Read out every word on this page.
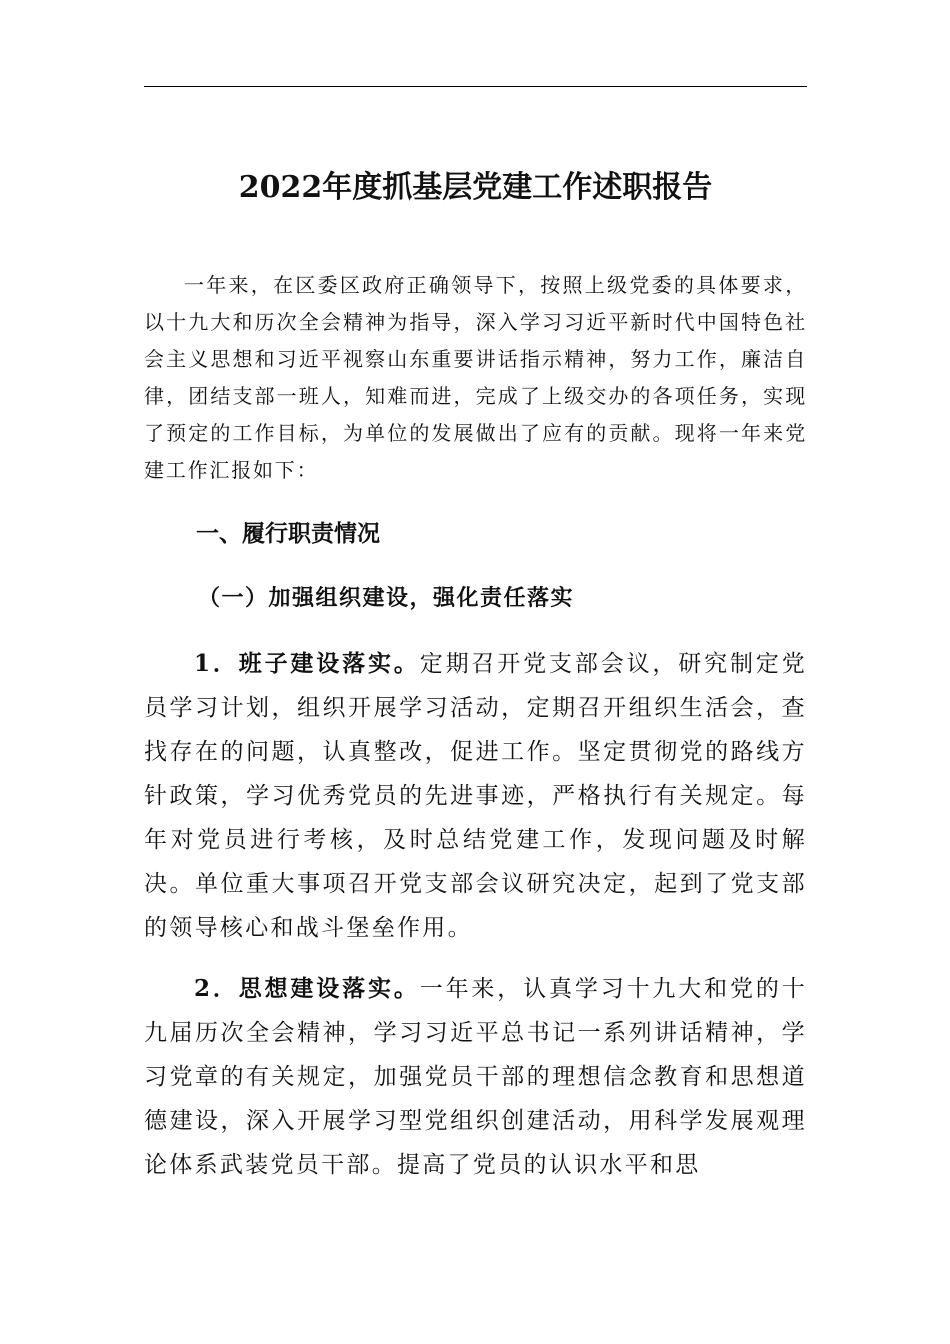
2022年度抓基层党建工作述职报告

一年来，在区委区政府正确领导下，按照上级党委的具体要求，以十九大和历次全会精神为指导，深入学习习近平新时代中国特色社会主义思想和习近平视察山东重要讲话指示精神，努力工作，廉洁自律，团结支部一班人，知难而进，完成了上级交办的各项任务，实现了预定的工作目标，为单位的发展做出了应有的贡献。现将一年来党建工作汇报如下：

一、履行职责情况
（一）加强组织建设，强化责任落实

1．班子建设落实。定期召开党支部会议，研究制定党员学习计划，组织开展学习活动，定期召开组织生活会，查找存在的问题，认真整改，促进工作。坚定贯彻党的路线方针政策，学习优秀党员的先进事迹，严格执行有关规定。每年对党员进行考核，及时总结党建工作，发现问题及时解决。单位重大事项召开党支部会议研究决定，起到了党支部的领导核心和战斗堡垒作用。

2．思想建设落实。一年来，认真学习十九大和党的十九届历次全会精神，学习习近平总书记一系列讲话精神，学习党章的有关规定，加强党员干部的理想信念教育和思想道德建设，深入开展学习型党组织创建活动，用科学发展观理论体系武装党员干部。提高了党员的认识水平和思
